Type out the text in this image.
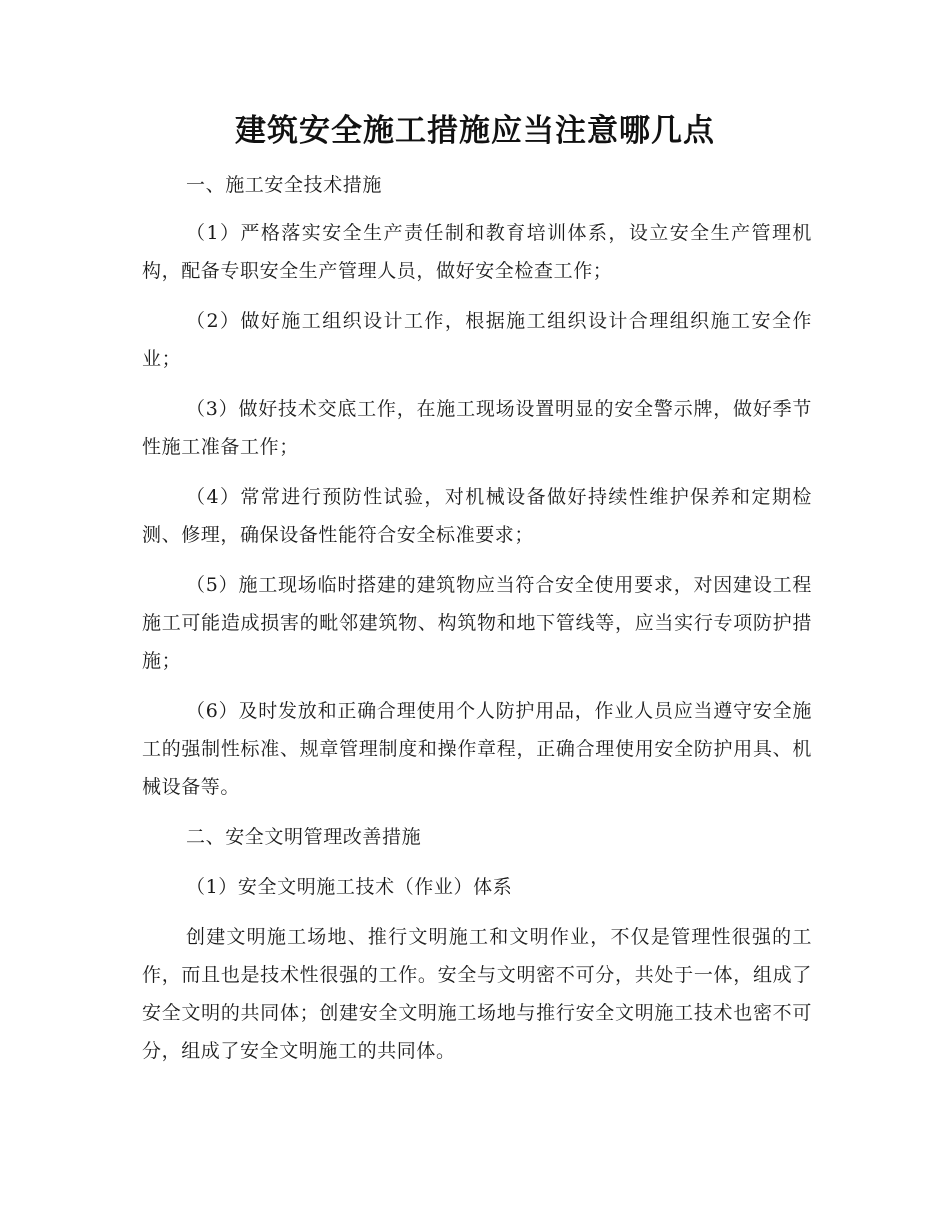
建筑安全施工措施应当注意哪几点

一、施工安全技术措施

（1）严格落实安全生产责任制和教育培训体系，设立安全生产管理机构，配备专职安全生产管理人员，做好安全检查工作；

（2）做好施工组织设计工作，根据施工组织设计合理组织施工安全作业；

（3）做好技术交底工作，在施工现场设置明显的安全警示牌，做好季节性施工准备工作；

（4）常常进行预防性试验，对机械设备做好持续性维护保养和定期检测、修理，确保设备性能符合安全标准要求；

（5）施工现场临时搭建的建筑物应当符合安全使用要求，对因建设工程施工可能造成损害的毗邻建筑物、构筑物和地下管线等，应当实行专项防护措施；

（6）及时发放和正确合理使用个人防护用品，作业人员应当遵守安全施工的强制性标准、规章管理制度和操作章程，正确合理使用安全防护用具、机械设备等。

二、安全文明管理改善措施

（1）安全文明施工技术（作业）体系

创建文明施工场地、推行文明施工和文明作业，不仅是管理性很强的工作，而且也是技术性很强的工作。安全与文明密不可分，共处于一体，组成了安全文明的共同体；创建安全文明施工场地与推行安全文明施工技术也密不可分，组成了安全文明施工的共同体。
